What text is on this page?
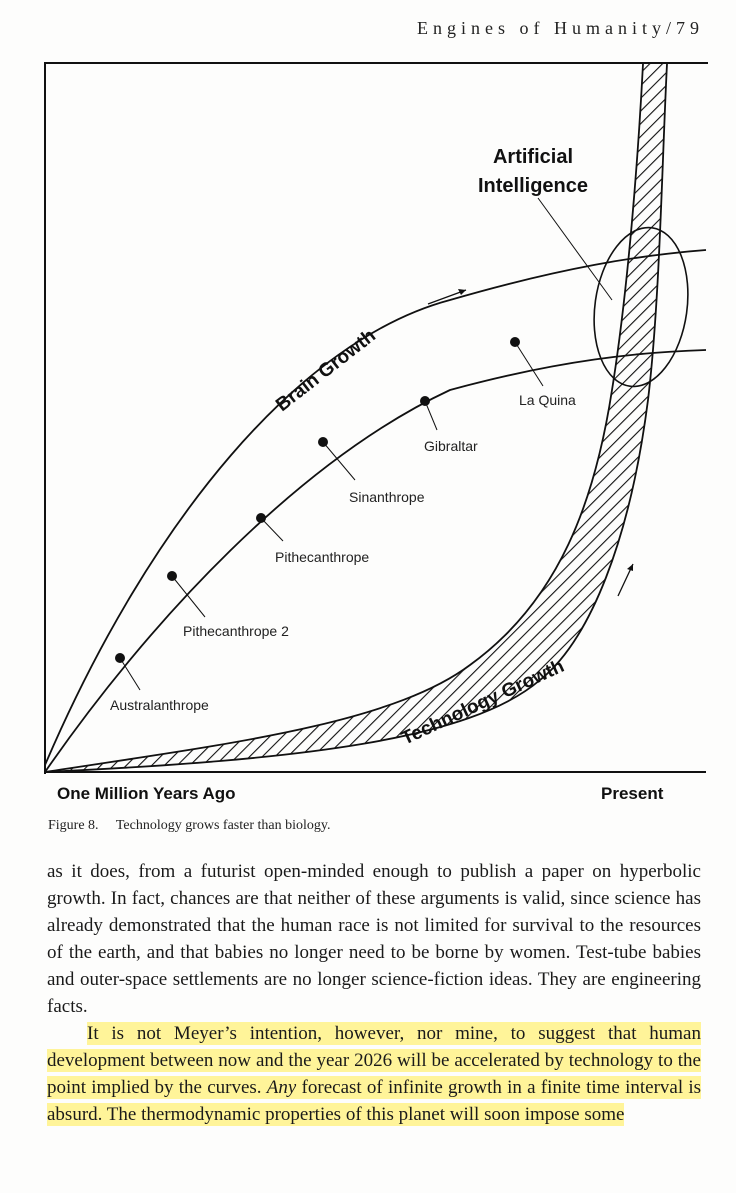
Engines of Humanity/79
Artificial
Intelligence
Brain Growth
Technology Growth
Australanthrope
Pithecanthrope 2
Pithecanthrope
Sinanthrope
Gibraltar
La Quina
One Million Years Ago	Present
Figure 8. Technology grows faster than biology.

as it does, from a futurist open-minded enough to publish a paper on hyperbolic growth. In fact, chances are that neither of these arguments is valid, since science has already demonstrated that the human race is not limited for survival to the resources of the earth, and that babies no longer need to be borne by women. Test-tube babies and outer-space settlements are no longer science-fiction ideas. They are engineering facts.

It is not Meyer’s intention, however, nor mine, to suggest that human development between now and the year 2026 will be accelerated by technology to the point implied by the curves. Any forecast of infinite growth in a finite time interval is absurd. The thermodynamic properties of this planet will soon impose some
